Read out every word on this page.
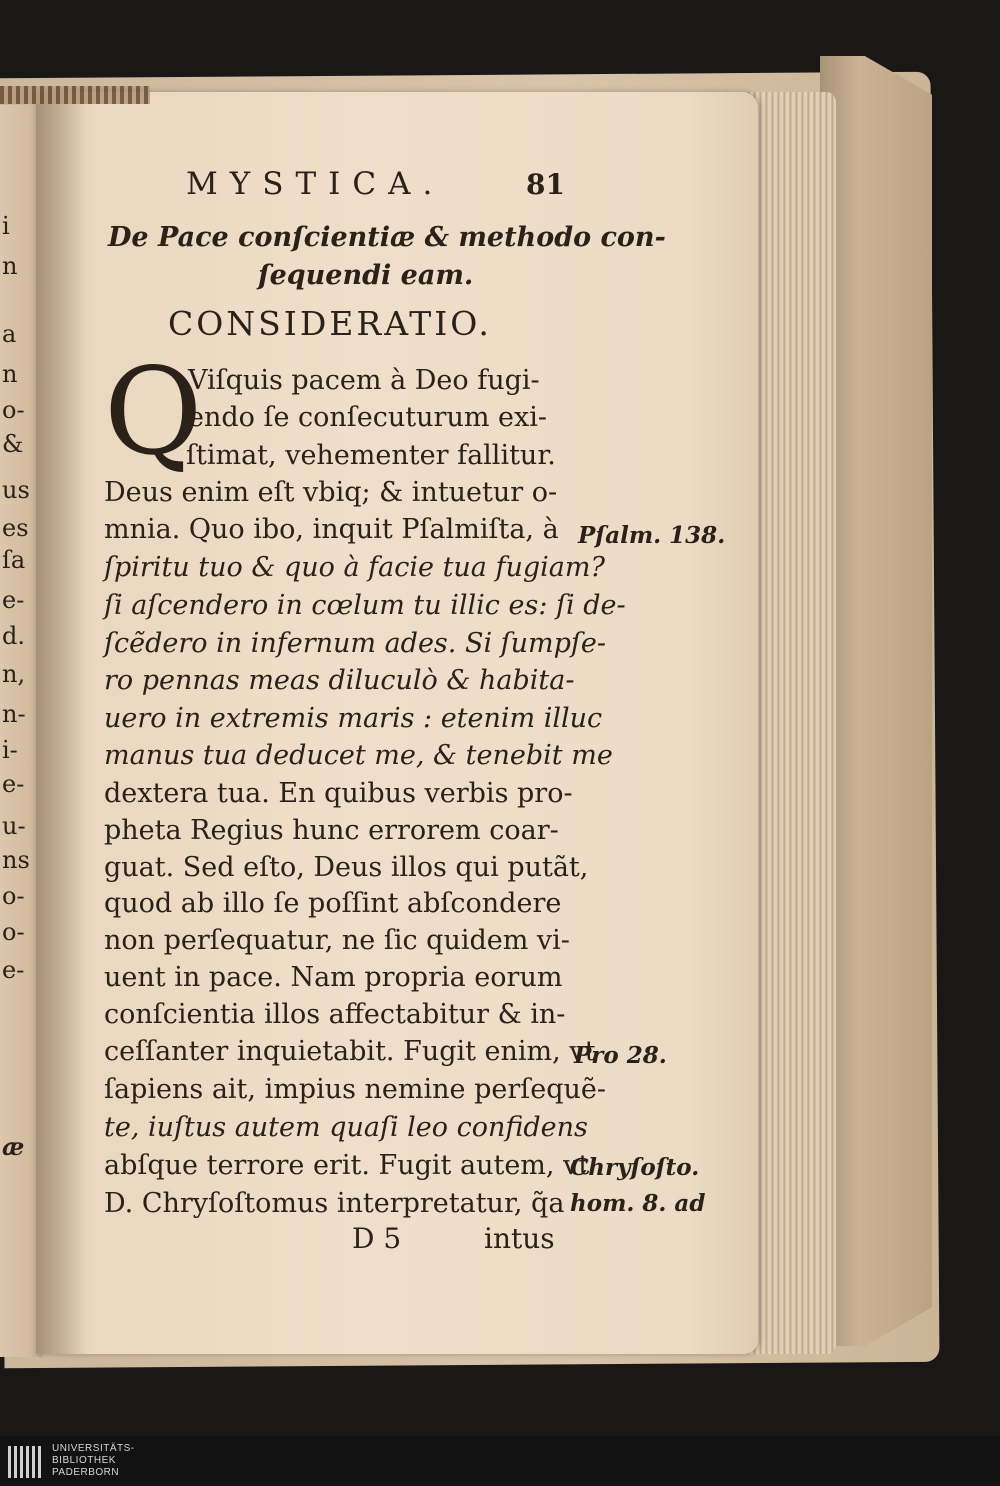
i
n
a
n
o-
&
us
es
ſa
e-
d.
n,
n-
i-
e-
u-
ns
o-
o-
e-
æ
MYSTICA.	81
De Pace conſcientiæ & methodo con-
ſequendi eam.
CONSIDERATIO.
Q
Viſquis pacem à Deo fugi-
endo ſe conſecuturum exi-
ſtimat, vehementer fallitur.
Deus enim eſt vbiq; & intuetur o-
mnia. Quo ibo, inquit Pſalmiſta, à
ſpiritu tuo & quo à facie tua fugiam?
ſi aſcendero in cœlum tu illic es: ſi de-
ſcẽdero in infernum ades. Si ſumpſe-
ro pennas meas diluculò & habita-
uero in extremis maris : etenim illuc
manus tua deducet me, & tenebit me
dextera tua. En quibus verbis pro-
pheta Regius hunc errorem coar-
guat. Sed eſto, Deus illos qui putãt,
quod ab illo ſe poſſint abſcondere
non perſequatur, ne ſic quidem vi-
uent in pace. Nam propria eorum
conſcientia illos affectabitur & in-
ceſſanter inquietabit. Fugit enim, vt
ſapiens ait, impius nemine perſequẽ-
te, iuſtus autem quaſi leo confidens
abſque terrore erit. Fugit autem, vt
D. Chryſoſtomus interpretatur, q̃a
D 5	intus
Pſalm. 138.
Pro 28.
Chryſoſto.
hom. 8. ad
UNIVERSITÄTS-
BIBLIOTHEK
PADERBORN
